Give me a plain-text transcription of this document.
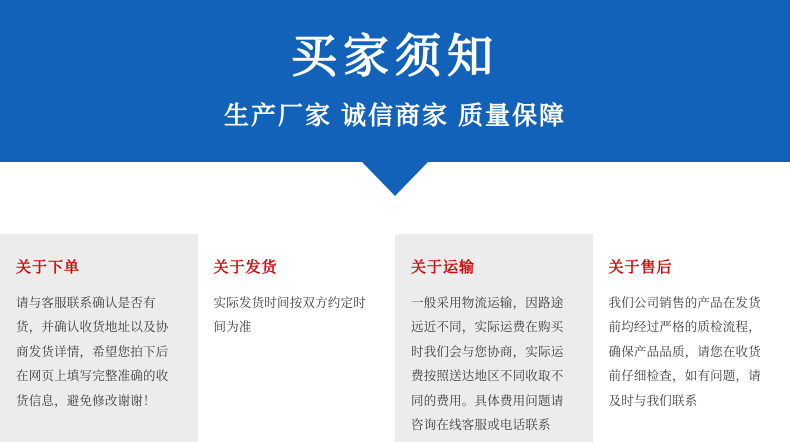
买家须知
生产厂家 诚信商家 质量保障
关于下单
请与客服联系确认是否有货，并确认收货地址以及协商发货详情，希望您拍下后在网页上填写完整准确的收货信息，避免修改谢谢！
关于发货
实际发货时间按双方约定时间为准
关于运输
一般采用物流运输，因路途远近不同，实际运费在购买时我们会与您协商，实际运费按照送达地区不同收取不同的费用。具体费用问题请咨询在线客服或电话联系
关于售后
我们公司销售的产品在发货前均经过严格的质检流程，确保产品品质，请您在收货前仔细检查，如有问题，请及时与我们联系
